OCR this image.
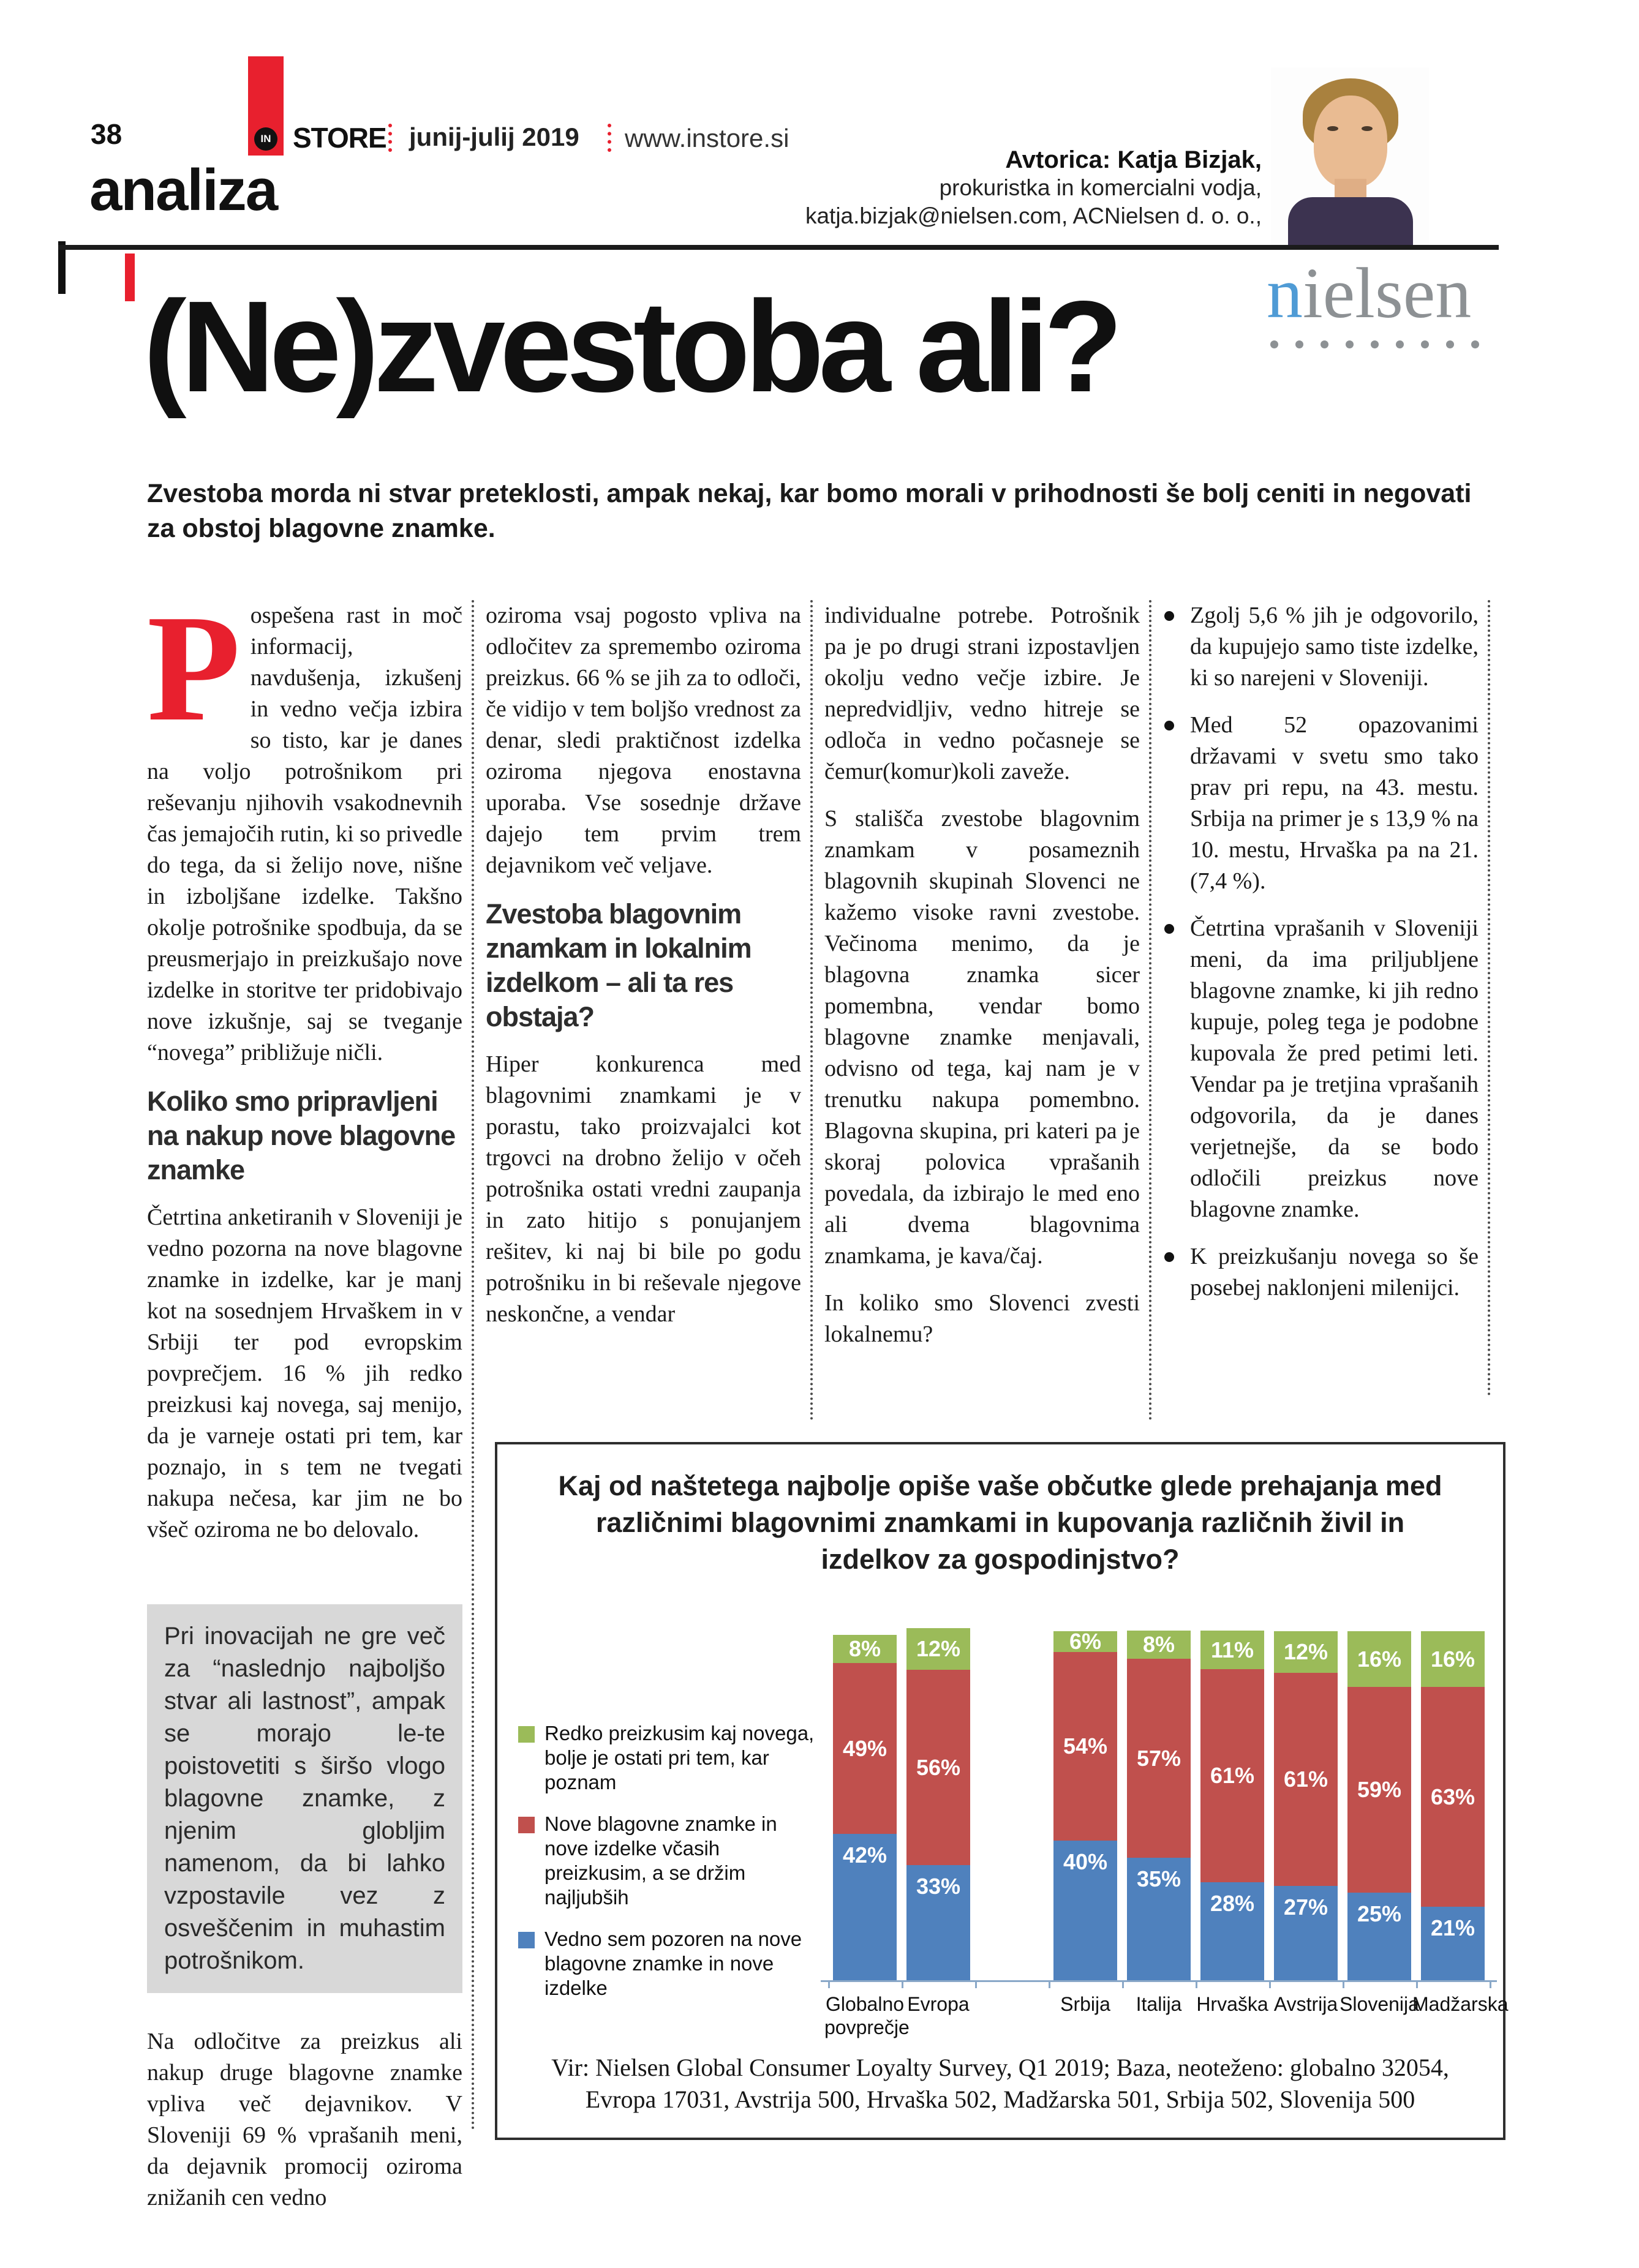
38	IN STORE junij-julij 2019 www.instore.si
analiza	Avtorica: Katja Bizjak,
prokuristka in komercialni vodja,
katja.bizjak@nielsen.com, ACNielsen d. o. o.,
nielsen
(Ne)zvestoba ali?
Zvestoba morda ni stvar preteklosti, ampak nekaj, kar bomo morali v prihodnosti še bolj ceniti in negovati za obstoj blagovne znamke.

Pospešena rast in moč informacij, navdušenja, izkušenj in vedno večja izbira so tisto, kar je danes na voljo potrošnikom pri reševanju njihovih vsakodnevnih čas jemajočih rutin, ki so privedle do tega, da si želijo nove, nišne in izboljšane izdelke. Takšno okolje potrošnike spodbuja, da se preusmerjajo in preizkušajo nove izdelke in storitve ter pridobivajo nove izkušnje, saj se tveganje “novega” približuje ničli.

Koliko smo pripravljeni na nakup nove blagovne znamke

Četrtina anketiranih v Sloveniji je vedno pozorna na nove blagovne znamke in izdelke, kar je manj kot na sosednjem Hrvaškem in v Srbiji ter pod evropskim povprečjem. 16 % jih redko preizkusi kaj novega, saj menijo, da je varneje ostati pri tem, kar poznajo, in s tem ne tvegati nakupa nečesa, kar jim ne bo všeč oziroma ne bo delovalo.

Pri inovacijah ne gre več za “naslednjo najboljšo stvar ali lastnost”, ampak se morajo le-te poistovetiti s širšo vlogo blagovne znamke, z njenim globljim namenom, da bi lahko vzpostavile vez z osveščenim in muhastim potrošnikom.

Na odločitve za preizkus ali nakup druge blagovne znamke vpliva več dejavnikov. V Sloveniji 69 % vprašanih meni, da dejavnik promocij oziroma znižanih cen vedno

oziroma vsaj pogosto vpliva na odločitev za spremembo oziroma preizkus. 66 % se jih za to odloči, če vidijo v tem boljšo vrednost za denar, sledi praktičnost izdelka oziroma njegova enostavna uporaba. Vse sosednje države dajejo tem prvim trem dejavnikom več veljave.

Zvestoba blagovnim znamkam in lokalnim izdelkom – ali ta res obstaja?

Hiper konkurenca med blagovnimi znamkami je v porastu, tako proizvajalci kot trgovci na drobno želijo v očeh potrošnika ostati vredni zaupanja in zato hitijo s ponujanjem rešitev, ki naj bi bile po godu potrošniku in bi reševale njegove neskončne, a vendar

individualne potrebe. Potrošnik pa je po drugi strani izpostavljen okolju vedno večje izbire. Je nepredvidljiv, vedno hitreje se odloča in vedno počasneje se čemur(komur)koli zaveže.

S stališča zvestobe blagovnim znamkam v posameznih blagovnih skupinah Slovenci ne kažemo visoke ravni zvestobe. Večinoma menimo, da je blagovna znamka sicer pomembna, vendar bomo blagovne znamke menjavali, odvisno od tega, kaj nam je v trenutku nakupa pomembno. Blagovna skupina, pri kateri pa je skoraj polovica vprašanih povedala, da izbirajo le med eno ali dvema blagovnima znamkama, je kava/čaj.

In koliko smo Slovenci zvesti lokalnemu?

Zgolj 5,6 % jih je odgovorilo, da kupujejo samo tiste izdelke, ki so narejeni v Sloveniji.
Med 52 opazovanimi državami v svetu smo tako prav pri repu, na 43. mestu. Srbija na primer je s 13,9 % na 10. mestu, Hrvaška pa na 21. (7,4 %).
Četrtina vprašanih v Sloveniji meni, da ima priljubljene blagovne znamke, ki jih redno kupuje, poleg tega je podobne kupovala že pred petimi leti. Vendar pa je tretjina vprašanih odgovorila, da je danes verjetnejše, da se bodo odločili preizkus nove blagovne znamke.
K preizkušanju novega so še posebej naklonjeni milenijci.
Kaj od naštetega najbolje opiše vaše občutke glede prehajanja med različnimi blagovnimi znamkami in kupovanja različnih živil in izdelkov za gospodinjstvo?
Redko preizkusim kaj novega, bolje je ostati pri tem, kar poznam
Nove blagovne znamke in nove izdelke včasih preizkusim, a se držim najljubših
Vedno sem pozoren na nove blagovne znamke in nove izdelke
42%
49%
8%
Globalno povprečje
33%
56%
12%
Evropa
40%
54%
6%
Srbija
35%
57%
8%
Italija
28%
61%
11%
Hrvaška
27%
61%
12%
Avstrija
25%
59%
16%
Slovenija
21%
63%
16%
Madžarska
Vir: Nielsen Global Consumer Loyalty Survey, Q1 2019; Baza, neoteženo: globalno 32054, Evropa 17031, Avstrija 500, Hrvaška 502, Madžarska 501, Srbija 502, Slovenija 500
